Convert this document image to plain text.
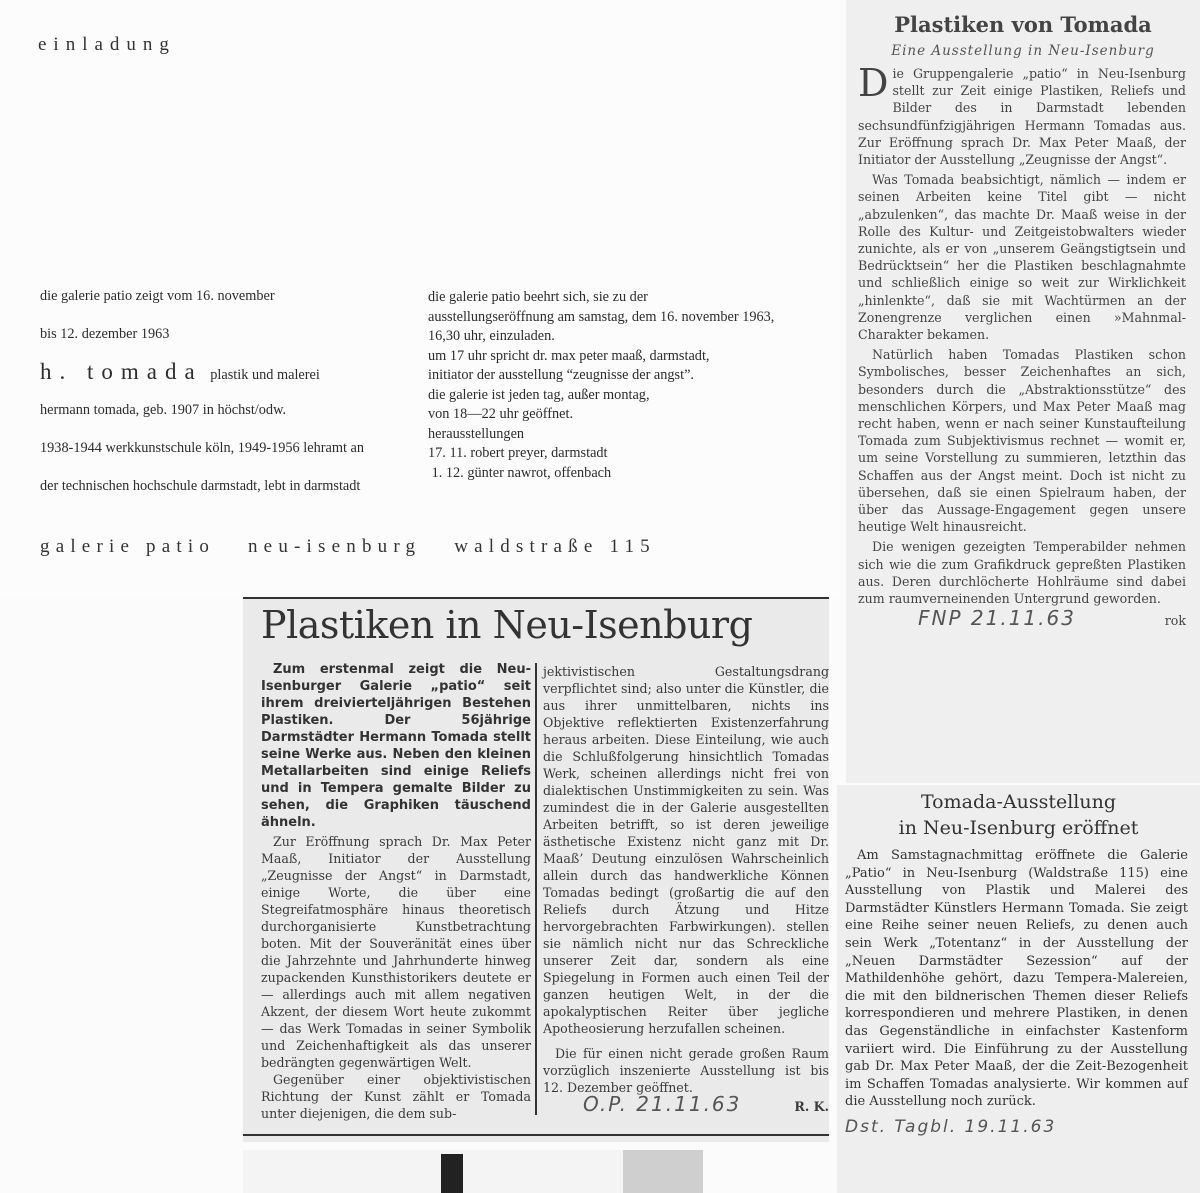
einladung
die galerie patio zeigt vom 16. november
bis 12. dezember 1963
h. tomada plastik und malerei
hermann tomada, geb. 1907 in höchst/odw.
1938-1944 werkkunstschule köln, 1949-1956 lehramt an
der technischen hochschule darmstadt, lebt in darmstadt
die galerie patio beehrt sich, sie zu der
ausstellungseröffnung am samstag, dem 16. november 1963,
16,30 uhr, einzuladen.
um 17 uhr spricht dr. max peter maaß, darmstadt,
initiator der ausstellung “zeugnisse der angst”.
die galerie ist jeden tag, außer montag,
von 18—22 uhr geöffnet.
herausstellungen
17. 11. robert preyer, darmstadt
1. 12. günter nawrot, offenbach
galerie patio neu-isenburg waldstraße 115
Plastiken von Tomada
Eine Ausstellung in Neu-Isenburg

Die Gruppengalerie „patio“ in Neu-Isenburg stellt zur Zeit einige Plastiken, Reliefs und Bilder des in Darmstadt lebenden sechsundfünfzigjährigen Hermann Tomadas aus. Zur Eröffnung sprach Dr. Max Peter Maaß, der Initiator der Ausstellung „Zeugnisse der Angst“.

Was Tomada beabsichtigt, nämlich — indem er seinen Arbeiten keine Titel gibt — nicht „abzulenken“, das machte Dr. Maaß weise in der Rolle des Kultur- und Zeitgeistobwalters wieder zunichte, als er von „unserem Geängstigtsein und Bedrücktsein“ her die Plastiken beschlagnahmte und schließlich einige so weit zur Wirklichkeit „hinlenkte“, daß sie mit Wachtürmen an der Zonengrenze verglichen einen »Mahnmal-Charakter bekamen.

Natürlich haben Tomadas Plastiken schon Symbolisches, besser Zeichenhaftes an sich, besonders durch die „Abstraktionsstütze“ des menschlichen Körpers, und Max Peter Maaß mag recht haben, wenn er nach seiner Kunstaufteilung Tomada zum Subjektivismus rechnet — womit er, um seine Vorstellung zu summieren, letzthin das Schaffen aus der Angst meint. Doch ist nicht zu übersehen, daß sie einen Spielraum haben, der über das Aussage-Engagement gegen unsere heutige Welt hinausreicht.

Die wenigen gezeigten Temperabilder nehmen sich wie die zum Grafikdruck gepreßten Plastiken aus. Deren durchlöcherte Hohlräume sind dabei zum raumverneinenden Untergrund geworden.

FNP 21.11.63	rok
Plastiken in Neu-Isenburg

Zum erstenmal zeigt die Neu-Isenburger Galerie „patio“ seit ihrem dreivierteljährigen Bestehen Plastiken. Der 56jährige Darmstädter Hermann Tomada stellt seine Werke aus. Neben den kleinen Metallarbeiten sind einige Reliefs und in Tempera gemalte Bilder zu sehen, die Graphiken täuschend ähneln.

Zur Eröffnung sprach Dr. Max Peter Maaß, Initiator der Ausstellung „Zeugnisse der Angst“ in Darmstadt, einige Worte, die über eine Stegreifatmosphäre hinaus theoretisch durchorganisierte Kunstbetrachtung boten. Mit der Souveränität eines über die Jahrzehnte und Jahrhunderte hinweg zupackenden Kunsthistorikers deutete er — allerdings auch mit allem negativen Akzent, der diesem Wort heute zukommt — das Werk Tomadas in seiner Symbolik und Zeichenhaftigkeit als das unserer bedrängten gegenwärtigen Welt.

Gegenüber einer objektivistischen Richtung der Kunst zählt er Tomada unter diejenigen, die dem sub-

jektivistischen Gestaltungsdrang verpflichtet sind; also unter die Künstler, die aus ihrer unmittelbaren, nichts ins Objektive reflektierten Existenzerfahrung heraus arbeiten. Diese Einteilung, wie auch die Schlußfolgerung hinsichtlich Tomadas Werk, scheinen allerdings nicht frei von dialektischen Unstimmigkeiten zu sein. Was zumindest die in der Galerie ausgestellten Arbeiten betrifft, so ist deren jeweilige ästhetische Existenz nicht ganz mit Dr. Maaß’ Deutung einzulösen Wahrscheinlich allein durch das handwerkliche Können Tomadas bedingt (großartig die auf den Reliefs durch Ätzung und Hitze hervorgebrachten Farbwirkungen). stellen sie nämlich nicht nur das Schreckliche unserer Zeit dar, sondern als eine Spiegelung in Formen auch einen Teil der ganzen heutigen Welt, in der die apokalyptischen Reiter über jegliche Apotheosierung herzufallen scheinen.

Die für einen nicht gerade großen Raum vorzüglich inszenierte Ausstellung ist bis 12. Dezember geöffnet.

O.P. 21.11.63	R. K.
Tomada-Ausstellung
in Neu-Isenburg eröffnet

Am Samstagnachmittag eröffnete die Galerie „Patio“ in Neu-Isenburg (Waldstraße 115) eine Ausstellung von Plastik und Malerei des Darmstädter Künstlers Hermann Tomada. Sie zeigt eine Reihe seiner neuen Reliefs, zu denen auch sein Werk „Totentanz“ in der Ausstellung der „Neuen Darmstädter Sezession“ auf der Mathildenhöhe gehört, dazu Tempera-Malereien, die mit den bildnerischen Themen dieser Reliefs korrespondieren und mehrere Plastiken, in denen das Gegenständliche in einfachster Kastenform variiert wird. Die Einführung zu der Ausstellung gab Dr. Max Peter Maaß, der die Zeit-Bezogenheit im Schaffen Tomadas analysierte. Wir kommen auf die Ausstellung noch zurück.

Dst. Tagbl. 19.11.63
